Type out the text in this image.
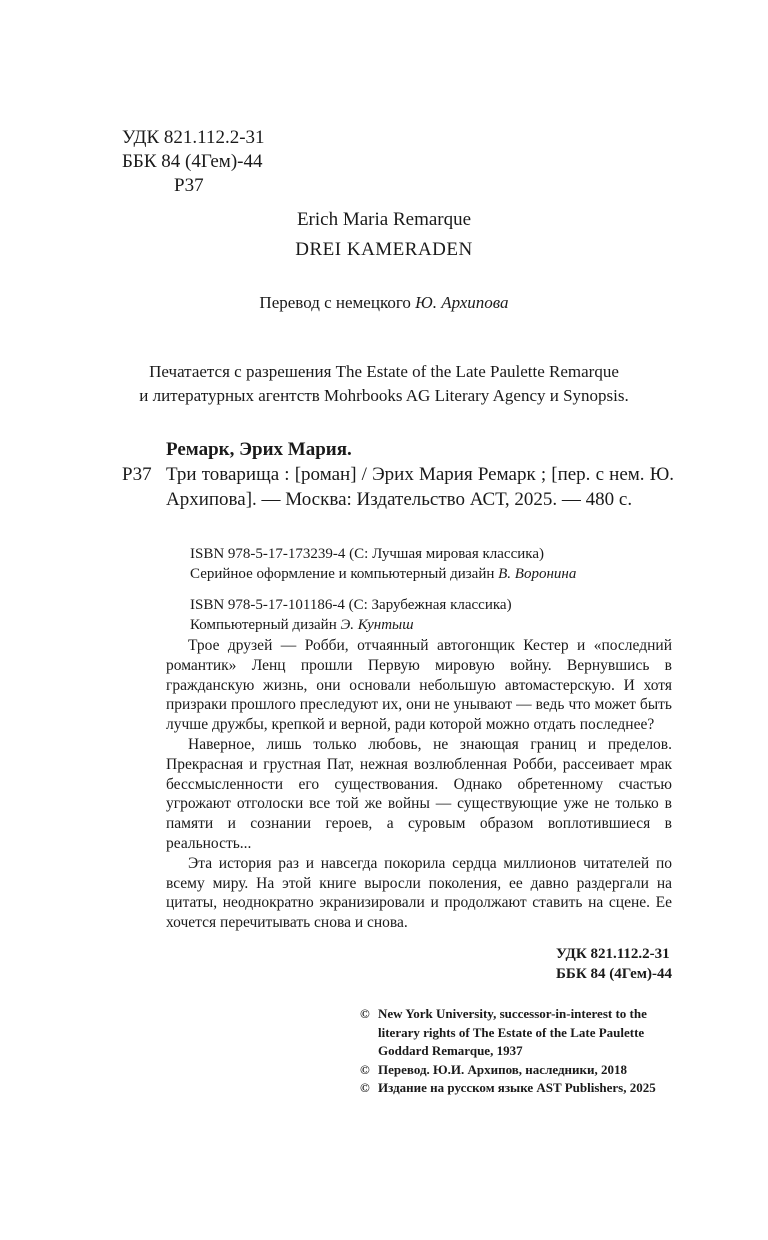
УДК 821.112.2-31
ББК 84 (4Гем)-44
Р37
Erich Maria Remarque
DREI KAMERADEN
Перевод с немецкого Ю. Архипова
Печатается с разрешения The Estate of the Late Paulette Remarque
и литературных агентств Mohrbooks AG Literary Agency и Synopsis.
Ремарк, Эрих Мария.
Р37 Три товарища : [роман] / Эрих Мария Ремарк ; [пер. с нем. Ю. Архипова]. — Москва: Издательство АСТ, 2025. — 480 с.
ISBN 978-5-17-173239-4 (С: Лучшая мировая классика)
Серийное оформление и компьютерный дизайн В. Воронина
ISBN 978-5-17-101186-4 (С: Зарубежная классика)
Компьютерный дизайн Э. Кунтыш

Трое друзей — Робби, отчаянный автогонщик Кестер и «последний романтик» Ленц прошли Первую мировую войну. Вернувшись в гражданскую жизнь, они основали небольшую автомастерскую. И хотя призраки прошлого преследуют их, они не унывают — ведь что может быть лучше дружбы, крепкой и верной, ради которой можно отдать последнее?

Наверное, лишь только любовь, не знающая границ и пределов. Прекрасная и грустная Пат, нежная возлюбленная Робби, рассеивает мрак бессмысленности его существования. Однако обретенному счастью угрожают отголоски все той же войны — существующие уже не только в памяти и сознании героев, а суровым образом воплотившиеся в реальность...

Эта история раз и навсегда покорила сердца миллионов читателей по всему миру. На этой книге выросли поколения, ее давно раздергали на цитаты, неоднократно экранизировали и продолжают ставить на сцене. Ее хочется перечитывать снова и снова.

УДК 821.112.2-31
ББК 84 (4Гем)-44
© New York University, successor-in-interest to the literary rights of The Estate of the Late Paulette Goddard Remarque, 1937
© Перевод. Ю.И. Архипов, наследники, 2018
© Издание на русском языке AST Publishers, 2025
